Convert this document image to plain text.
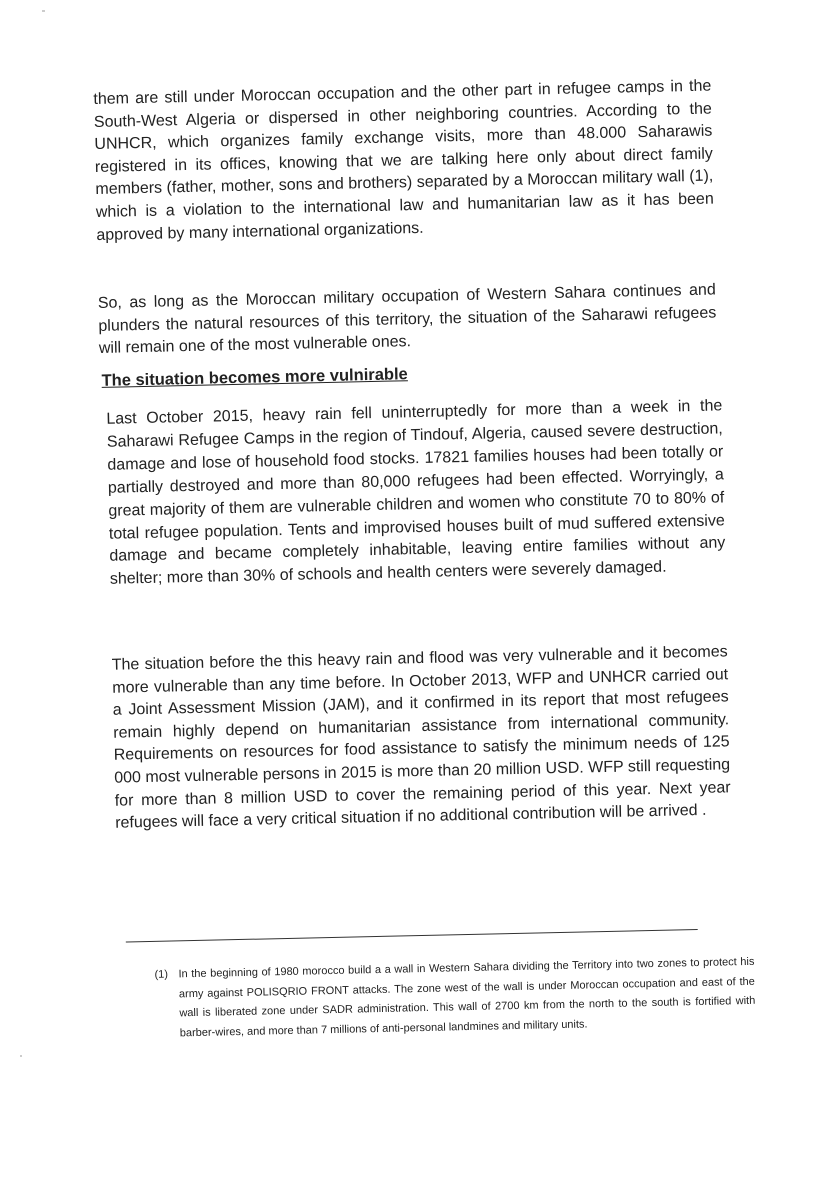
them are still under Moroccan occupation and the other part in refugee camps in the South-West Algeria or dispersed in other neighboring countries. According to the UNHCR, which organizes family exchange visits, more than 48.000 Saharawis registered in its offices, knowing that we are talking here only about direct family members (father, mother, sons and brothers) separated by a Moroccan military wall (1), which is a violation to the international law and humanitarian law as it has been approved by many international organizations.

So, as long as the Moroccan military occupation of Western Sahara continues and plunders the natural resources of this territory, the situation of the Saharawi refugees will remain one of the most vulnerable ones.

The situation becomes more vulnirable

Last October 2015, heavy rain fell uninterruptedly for more than a week in the Saharawi Refugee Camps in the region of Tindouf, Algeria, caused severe destruction, damage and lose of household food stocks. 17821 families houses had been totally or partially destroyed and more than 80,000 refugees had been effected. Worryingly, a great majority of them are vulnerable children and women who constitute 70 to 80% of total refugee population. Tents and improvised houses built of mud suffered extensive damage and became completely inhabitable, leaving entire families without any shelter; more than 30% of schools and health centers were severely damaged.

The situation before the this heavy rain and flood was very vulnerable and it becomes more vulnerable than any time before. In October 2013, WFP and UNHCR carried out a Joint Assessment Mission (JAM), and it confirmed in its report that most refugees remain highly depend on humanitarian assistance from international community. Requirements on resources for food assistance to satisfy the minimum needs of 125 000 most vulnerable persons in 2015 is more than 20 million USD. WFP still requesting for more than 8 million USD to cover the remaining period of this year. Next year refugees will face a very critical situation if no additional contribution will be arrived .

(1) In the beginning of 1980 morocco build a a wall in Western Sahara dividing the Territory into two zones to protect his army against POLISQRIO FRONT attacks. The zone west of the wall is under Moroccan occupation and east of the wall is liberated zone under SADR administration. This wall of 2700 km from the north to the south is fortified with barber-wires, and more than 7 millions of anti-personal landmines and military units.
